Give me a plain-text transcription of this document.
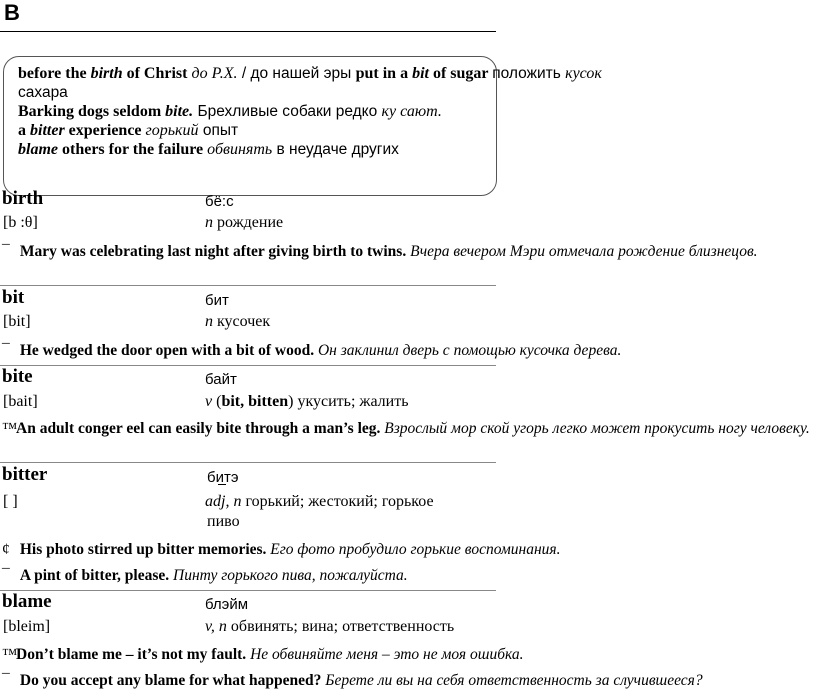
B
before the birth of Christ до Р.Х. / до нашей эры put in a bit of sugar положить кусок
сахара
Barking dogs seldom bite. Брехливые собаки редко ку сают.
a bitter experience горький опыт
blame others for the failure обвинять в неудаче других
birth	бё:с
[b :θ]	n рождение
¯ Mary was celebrating last night after giving birth to twins. Вчера вечером Мэри отмечала рождение близнецов.
bit	бит
[bit]	n кусочек
¯ He wedged the door open with a bit of wood. Он заклинил дверь с помощью кусочка дерева.
bite	байт
[bait]	v (bit, bitten) укусить; жалить
™An adult conger eel can easily bite through a man’s leg. Взрослый мор ской угорь легко может прокусить ногу человеку.
bitter	битэ
[ ]	adj, n горький; жестокий; горькое
пиво
¢ His photo stirred up bitter memories. Его фото пробудило горькие воспоминания.
¯ A pint of bitter, please. Пинту горького пива, пожалуйста.
blame	блэйм
[bleim]	v, n обвинять; вина; ответственность
™Don’t blame me – it’s not my fault. Не обвиняйте меня – это не моя ошибка.
¯ Do you accept any blame for what happened? Берете ли вы на себя ответственность за случившееся?
